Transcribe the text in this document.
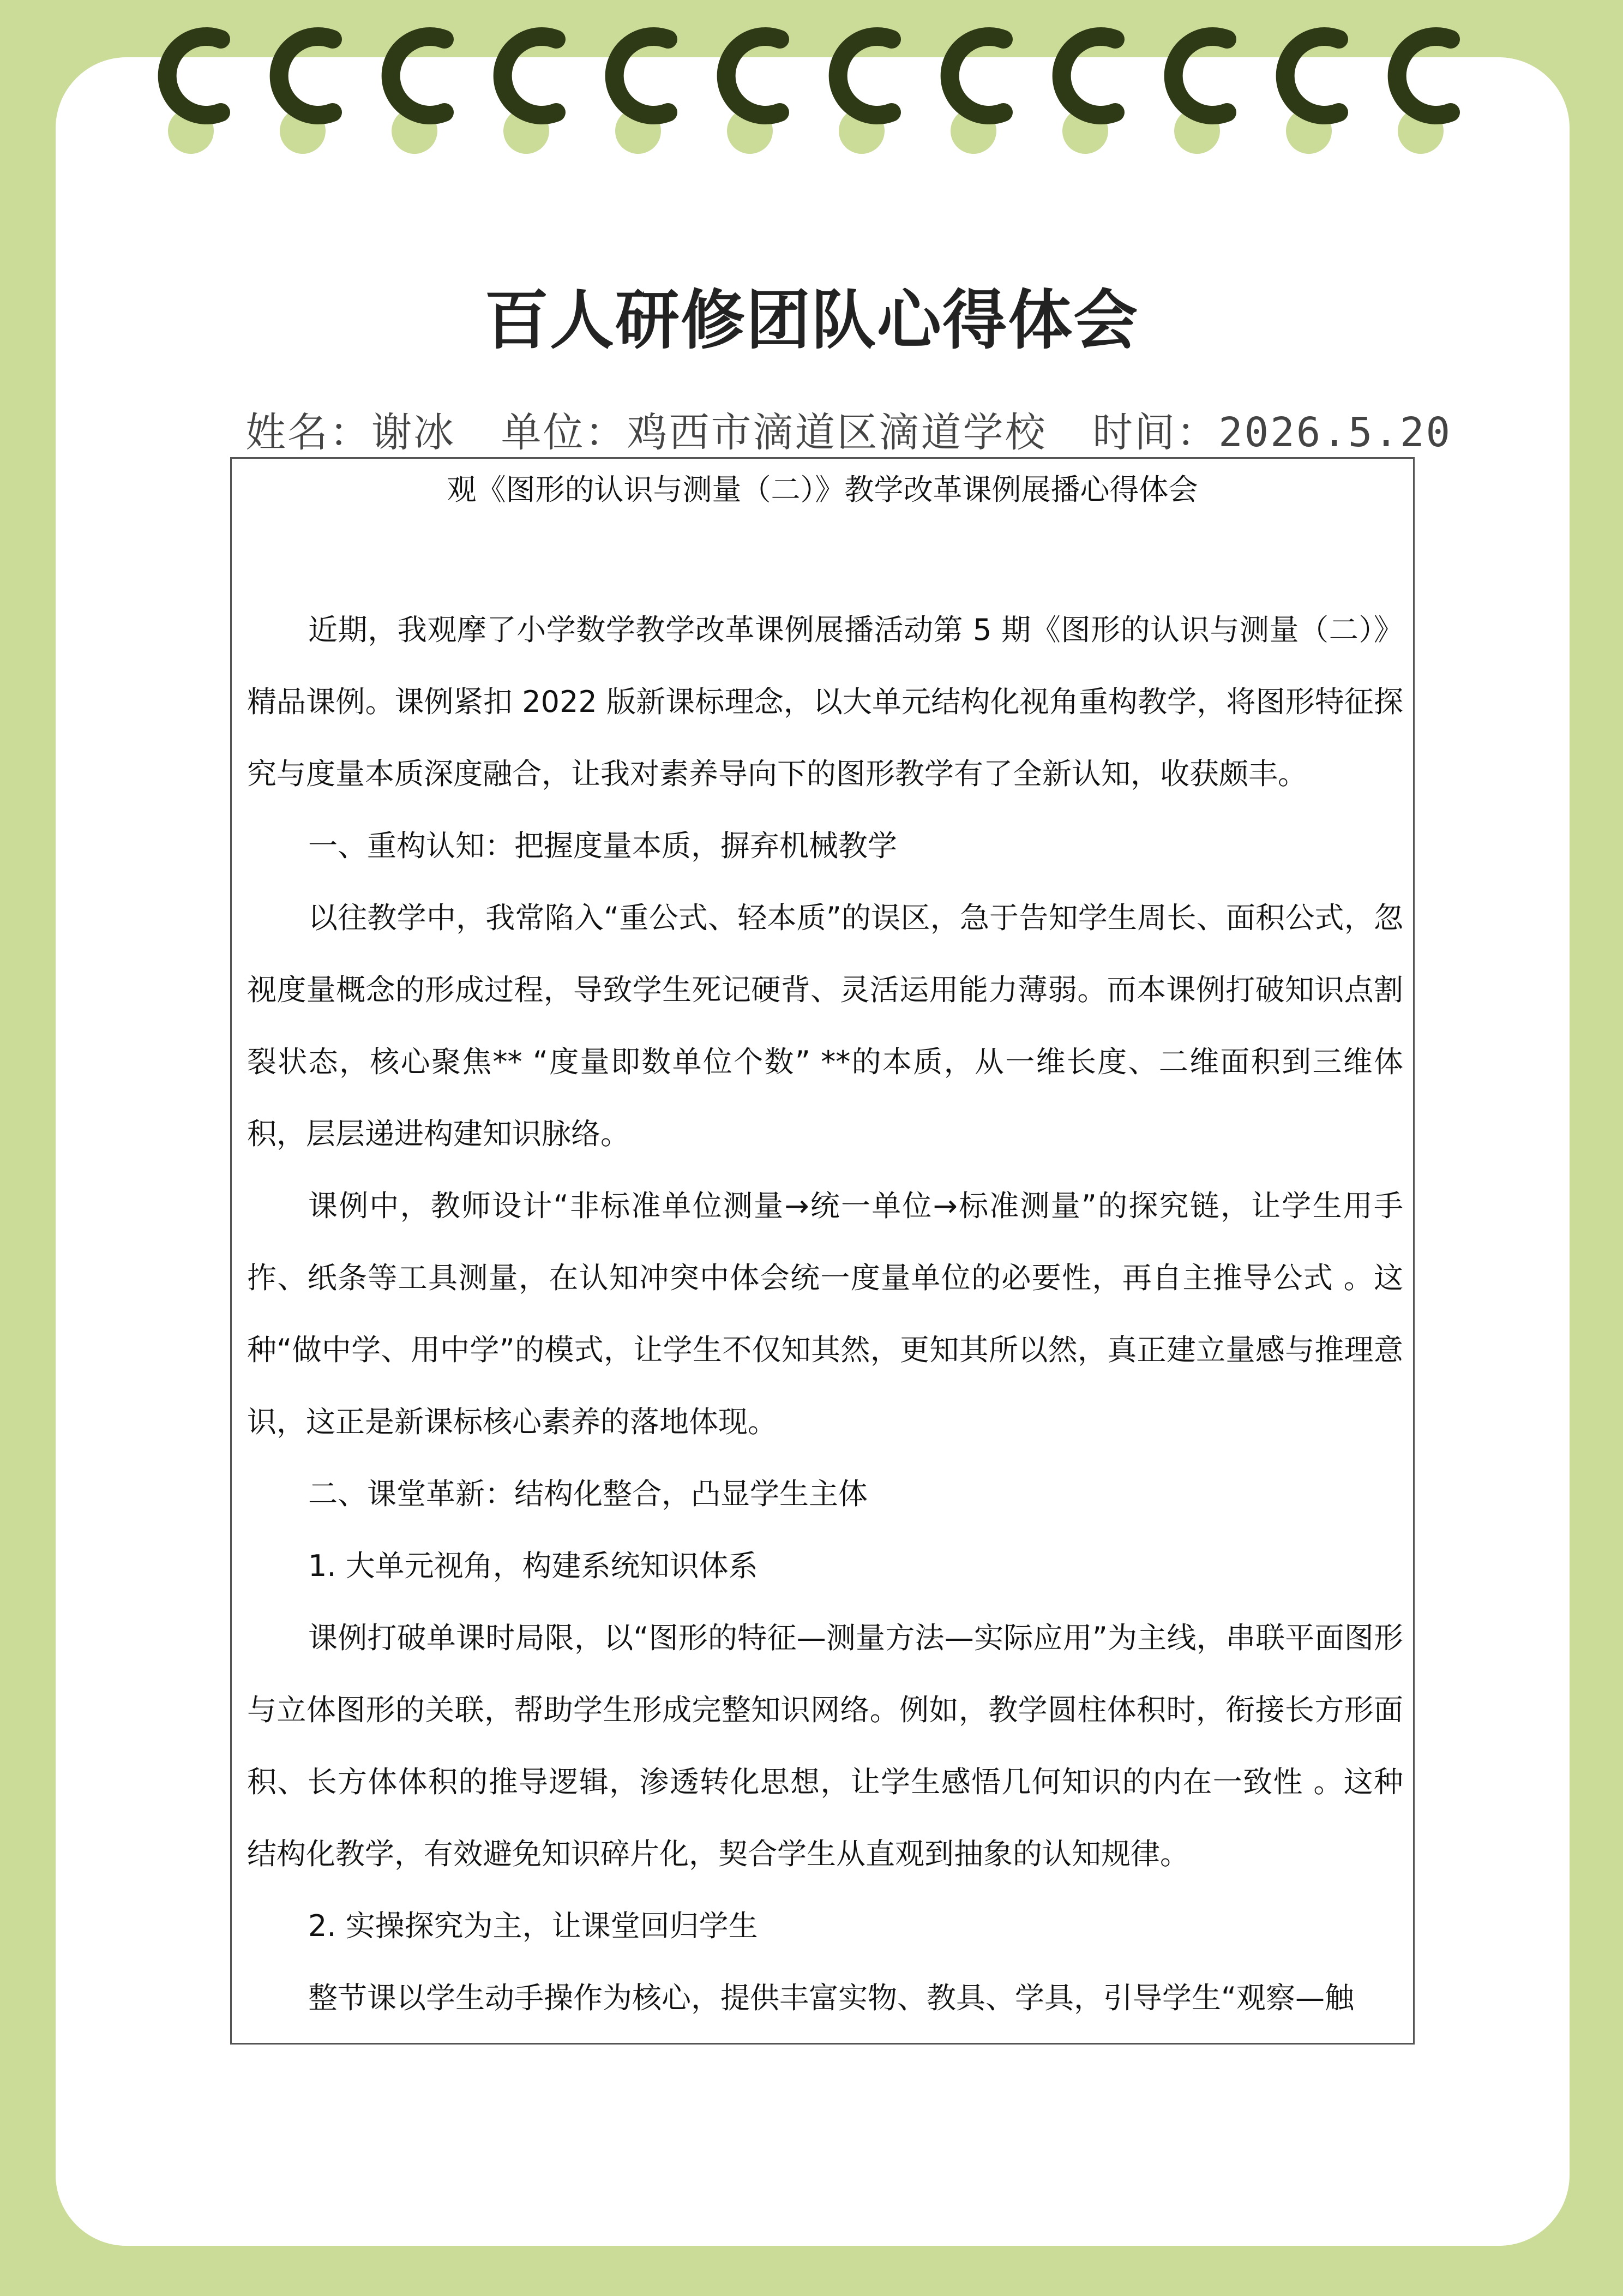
百人研修团队心得体会
姓名：谢冰 单位：鸡西市滴道区滴道学校 时间：2026.5.20
观《图形的认识与测量（二）》教学改革课例展播心得体会

近期，我观摩了小学数学教学改革课例展播活动第 5 期《图形的认识与测量（二）》精品课例。课例紧扣 2022 版新课标理念，以大单元结构化视角重构教学，将图形特征探究与度量本质深度融合，让我对素养导向下的图形教学有了全新认知，收获颇丰。

一、重构认知：把握度量本质，摒弃机械教学

以往教学中，我常陷入“重公式、轻本质”的误区，急于告知学生周长、面积公式，忽视度量概念的形成过程，导致学生死记硬背、灵活运用能力薄弱。而本课例打破知识点割裂状态，核心聚焦** “度量即数单位个数” **的本质，从一维长度、二维面积到三维体积，层层递进构建知识脉络。

课例中，教师设计“非标准单位测量→统一单位→标准测量”的探究链，让学生用手拃、纸条等工具测量，在认知冲突中体会统一度量单位的必要性，再自主推导公式 。这种“做中学、用中学”的模式，让学生不仅知其然，更知其所以然，真正建立量感与推理意识，这正是新课标核心素养的落地体现。

二、课堂革新：结构化整合，凸显学生主体

1. 大单元视角，构建系统知识体系

课例打破单课时局限，以“图形的特征—测量方法—实际应用”为主线，串联平面图形与立体图形的关联，帮助学生形成完整知识网络。例如，教学圆柱体积时，衔接长方形面积、长方体体积的推导逻辑，渗透转化思想，让学生感悟几何知识的内在一致性 。这种结构化教学，有效避免知识碎片化，契合学生从直观到抽象的认知规律。

2. 实操探究为主，让课堂回归学生

整节课以学生动手操作为核心，提供丰富实物、教具、学具，引导学生“观察—触
